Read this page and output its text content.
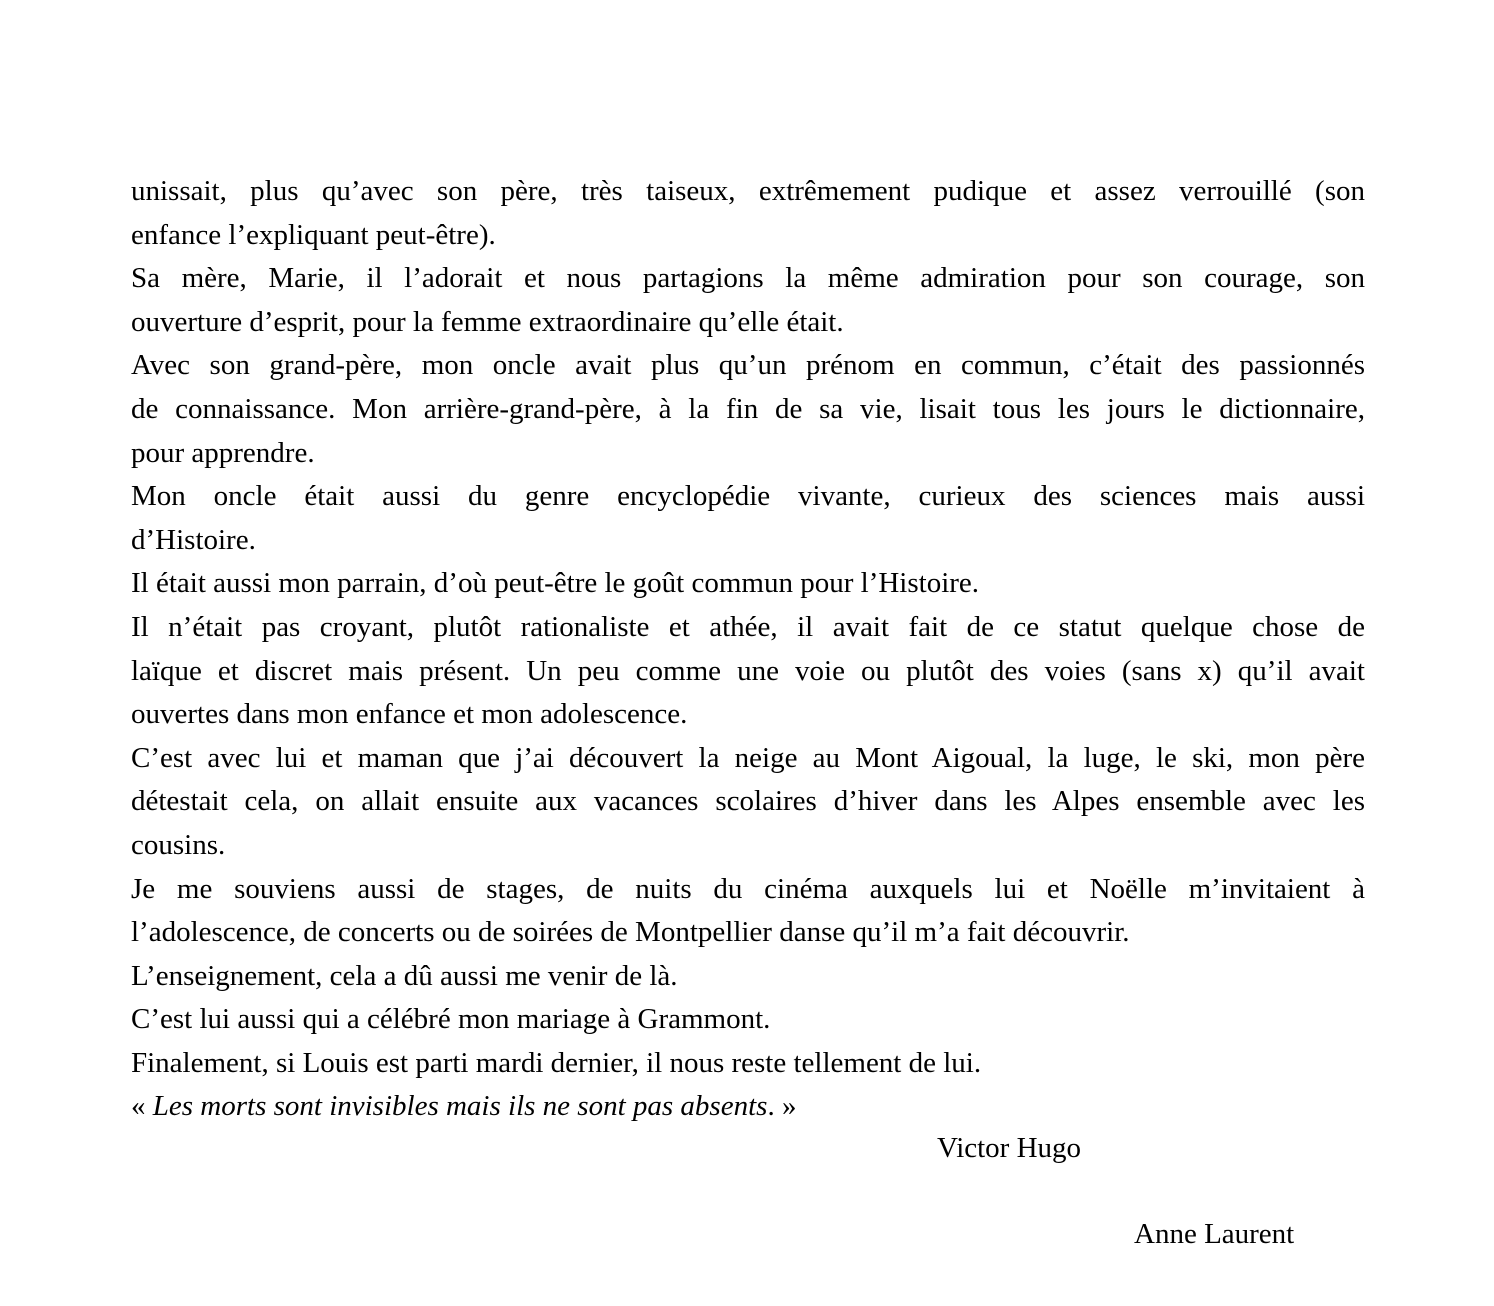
unissait, plus qu’avec son père, très taiseux, extrêmement pudique et assez verrouillé (son
enfance l’expliquant peut-être).
Sa mère, Marie, il l’adorait et nous partagions la même admiration pour son courage, son
ouverture d’esprit, pour la femme extraordinaire qu’elle était.
Avec son grand-père, mon oncle avait plus qu’un prénom en commun, c’était des passionnés
de connaissance. Mon arrière-grand-père, à la fin de sa vie, lisait tous les jours le dictionnaire,
pour apprendre.
Mon oncle était aussi du genre encyclopédie vivante, curieux des sciences mais aussi
d’Histoire.
Il était aussi mon parrain, d’où peut-être le goût commun pour l’Histoire.
Il n’était pas croyant, plutôt rationaliste et athée, il avait fait de ce statut quelque chose de
laïque et discret mais présent. Un peu comme une voie ou plutôt des voies (sans x) qu’il avait
ouvertes dans mon enfance et mon adolescence.
C’est avec lui et maman que j’ai découvert la neige au Mont Aigoual, la luge, le ski, mon père
détestait cela, on allait ensuite aux vacances scolaires d’hiver dans les Alpes ensemble avec les
cousins.
Je me souviens aussi de stages, de nuits du cinéma auxquels lui et Noëlle m’invitaient à
l’adolescence, de concerts ou de soirées de Montpellier danse qu’il m’a fait découvrir.
L’enseignement, cela a dû aussi me venir de là.
C’est lui aussi qui a célébré mon mariage à Grammont.
Finalement, si Louis est parti mardi dernier, il nous reste tellement de lui.
« Les morts sont invisibles mais ils ne sont pas absents. »
Victor Hugo
Anne Laurent
